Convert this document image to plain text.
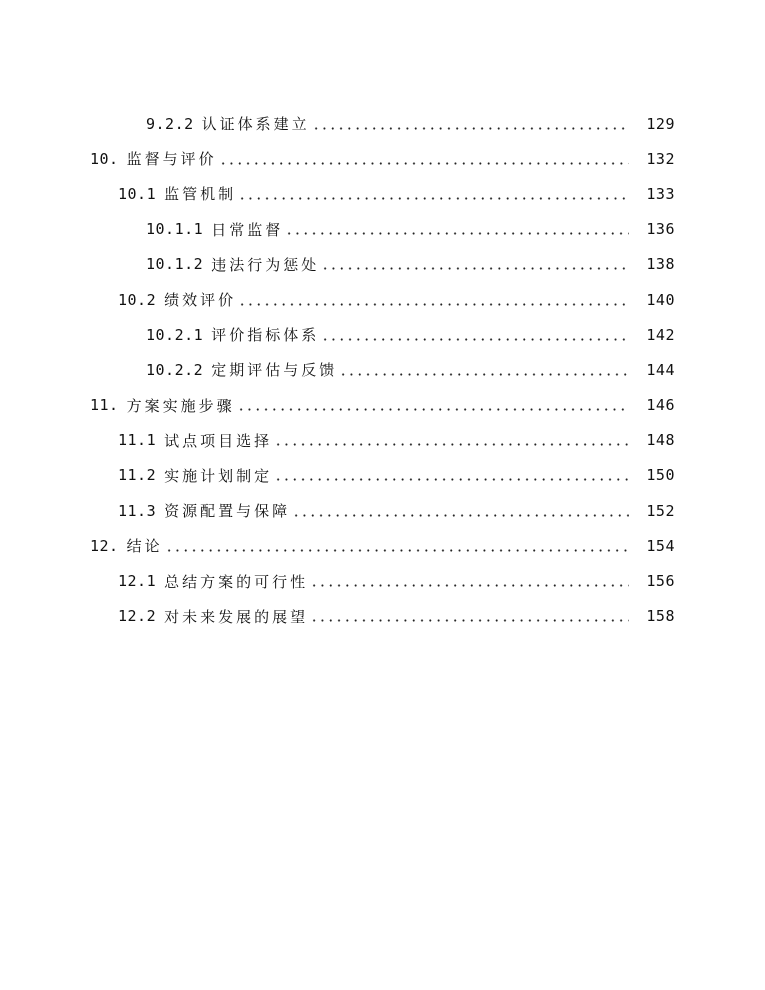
9.2.2 认证体系建立	129
10. 监督与评价	132
10.1 监管机制	133
10.1.1 日常监督	136
10.1.2 违法行为惩处	138
10.2 绩效评价	140
10.2.1 评价指标体系	142
10.2.2 定期评估与反馈	144
11. 方案实施步骤	146
11.1 试点项目选择	148
11.2 实施计划制定	150
11.3 资源配置与保障	152
12. 结论	154
12.1 总结方案的可行性	156
12.2 对未来发展的展望	158
